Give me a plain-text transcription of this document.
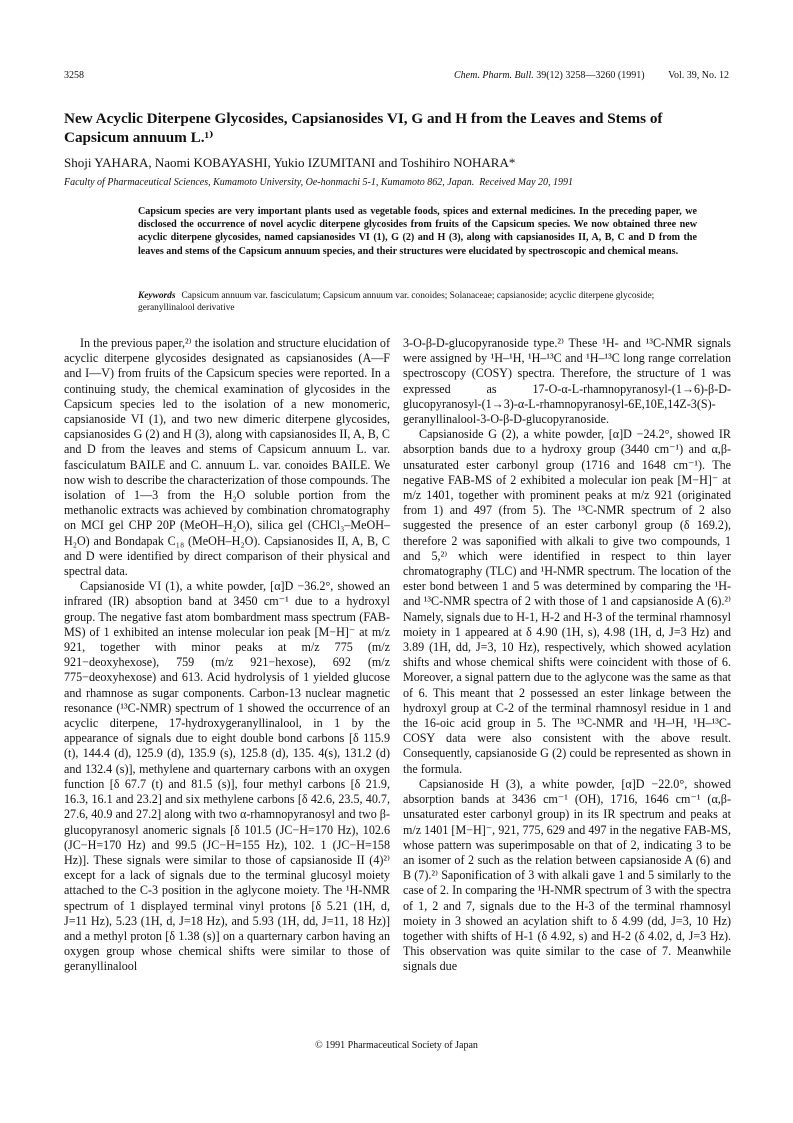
3258	Chem. Pharm. Bull. 39(12) 3258—3260 (1991) Vol. 39, No. 12
New Acyclic Diterpene Glycosides, Capsianosides VI, G and H from the Leaves and Stems of Capsicum annuum L.¹⁾

Shoji YAHARA, Naomi KOBAYASHI, Yukio IZUMITANI and Toshihiro NOHARA*

Faculty of Pharmaceutical Sciences, Kumamoto University, Oe-honmachi 5-1, Kumamoto 862, Japan. Received May 20, 1991

Capsicum species are very important plants used as vegetable foods, spices and external medicines. In the preceding paper, we disclosed the occurrence of novel acyclic diterpene glycosides from fruits of the Capsicum species. We now obtained three new acyclic diterpene glycosides, named capsianosides VI (1), G (2) and H (3), along with capsianosides II, A, B, C and D from the leaves and stems of the Capsicum annuum species, and their structures were elucidated by spectroscopic and chemical means.

Keywords Capsicum annuum var. fasciculatum; Capsicum annuum var. conoides; Solanaceae; capsianoside; acyclic diterpene glycoside; geranyllinalool derivative

In the previous paper,²⁾ the isolation and structure elucidation of acyclic diterpene glycosides designated as capsianosides (A—F and I—V) from fruits of the Capsicum species were reported. In a continuing study, the chemical examination of glycosides in the Capsicum species led to the isolation of a new monomeric, capsianoside VI (1), and two new dimeric diterpene glycosides, capsianosides G (2) and H (3), along with capsianosides II, A, B, C and D from the leaves and stems of Capsicum annuum L. var. fasciculatum BAILE and C. annuum L. var. conoides BAILE. We now wish to describe the characterization of those compounds. The isolation of 1—3 from the H₂O soluble portion from the methanolic extracts was achieved by combination chromatography on MCI gel CHP 20P (MeOH–H₂O), silica gel (CHCl₃–MeOH–H₂O) and Bondapak C₁₈ (MeOH–H₂O). Capsianosides II, A, B, C and D were identified by direct comparison of their physical and spectral data.

Capsianoside VI (1), a white powder, [α]D −36.2°, showed an infrared (IR) absoption band at 3450 cm⁻¹ due to a hydroxyl group. The negative fast atom bombardment mass spectrum (FAB-MS) of 1 exhibited an intense molecular ion peak [M−H]⁻ at m/z 921, together with minor peaks at m/z 775 (m/z 921−deoxyhexose), 759 (m/z 921−hexose), 692 (m/z 775−deoxyhexose) and 613. Acid hydrolysis of 1 yielded glucose and rhamnose as sugar components. Carbon-13 nuclear magnetic resonance (¹³C-NMR) spectrum of 1 showed the occurrence of an acyclic diterpene, 17-hydroxygeranyllinalool, in 1 by the appearance of signals due to eight double bond carbons [δ 115.9 (t), 144.4 (d), 125.9 (d), 135.9 (s), 125.8 (d), 135. 4(s), 131.2 (d) and 132.4 (s)], methylene and quarternary carbons with an oxygen function [δ 67.7 (t) and 81.5 (s)], four methyl carbons [δ 21.9, 16.3, 16.1 and 23.2] and six methylene carbons [δ 42.6, 23.5, 40.7, 27.6, 40.9 and 27.2] along with two α-rhamnopyranosyl and two β-glucopyranosyl anomeric signals [δ 101.5 (JC−H=170 Hz), 102.6 (JC−H=170 Hz) and 99.5 (JC−H=155 Hz), 102. 1 (JC−H=158 Hz)]. These signals were similar to those of capsianoside II (4)²⁾ except for a lack of signals due to the terminal glucosyl moiety attached to the C-3 position in the aglycone moiety. The ¹H-NMR spectrum of 1 displayed terminal vinyl protons [δ 5.21 (1H, d, J=11 Hz), 5.23 (1H, d, J=18 Hz), and 5.93 (1H, dd, J=11, 18 Hz)] and a methyl proton [δ 1.38 (s)] on a quarternary carbon having an oxygen group whose chemical shifts were similar to those of geranyllinalool

3-O-β-D-glucopyranoside type.²⁾ These ¹H- and ¹³C-NMR signals were assigned by ¹H–¹H, ¹H–¹³C and ¹H–¹³C long range correlation spectroscopy (COSY) spectra. Therefore, the structure of 1 was expressed as 17-O-α-L-rhamnopyranosyl-(1→6)-β-D-glucopyranosyl-(1→3)-α-L-rhamnopyranosyl-6E,10E,14Z-3(S)-geranyllinalool-3-O-β-D-glucopyranoside.

Capsianoside G (2), a white powder, [α]D −24.2°, showed IR absorption bands due to a hydroxy group (3440 cm⁻¹) and α,β-unsaturated ester carbonyl group (1716 and 1648 cm⁻¹). The negative FAB-MS of 2 exhibited a molecular ion peak [M−H]⁻ at m/z 1401, together with prominent peaks at m/z 921 (originated from 1) and 497 (from 5). The ¹³C-NMR spectrum of 2 also suggested the presence of an ester carbonyl group (δ 169.2), therefore 2 was saponified with alkali to give two compounds, 1 and 5,²⁾ which were identified in respect to thin layer chromatography (TLC) and ¹H-NMR spectrum. The location of the ester bond between 1 and 5 was determined by comparing the ¹H- and ¹³C-NMR spectra of 2 with those of 1 and capsianoside A (6).²⁾ Namely, signals due to H-1, H-2 and H-3 of the terminal rhamnosyl moiety in 1 appeared at δ 4.90 (1H, s), 4.98 (1H, d, J=3 Hz) and 3.89 (1H, dd, J=3, 10 Hz), respectively, which showed acylation shifts and whose chemical shifts were coincident with those of 6. Moreover, a signal pattern due to the aglycone was the same as that of 6. This meant that 2 possessed an ester linkage between the hydroxyl group at C-2 of the terminal rhamnosyl residue in 1 and the 16-oic acid group in 5. The ¹³C-NMR and ¹H–¹H, ¹H–¹³C-COSY data were also consistent with the above result. Consequently, capsianoside G (2) could be represented as shown in the formula.

Capsianoside H (3), a white powder, [α]D −22.0°, showed absorption bands at 3436 cm⁻¹ (OH), 1716, 1646 cm⁻¹ (α,β-unsaturated ester carbonyl group) in its IR spectrum and peaks at m/z 1401 [M−H]⁻, 921, 775, 629 and 497 in the negative FAB-MS, whose pattern was superimposable on that of 2, indicating 3 to be an isomer of 2 such as the relation between capsianoside A (6) and B (7).²⁾ Saponification of 3 with alkali gave 1 and 5 similarly to the case of 2. In comparing the ¹H-NMR spectrum of 3 with the spectra of 1, 2 and 7, signals due to the H-3 of the terminal rhamnosyl moiety in 3 showed an acylation shift to δ 4.99 (dd, J=3, 10 Hz) together with shifts of H-1 (δ 4.92, s) and H-2 (δ 4.02, d, J=3 Hz). This observation was quite similar to the case of 7. Meanwhile signals due

© 1991 Pharmaceutical Society of Japan
